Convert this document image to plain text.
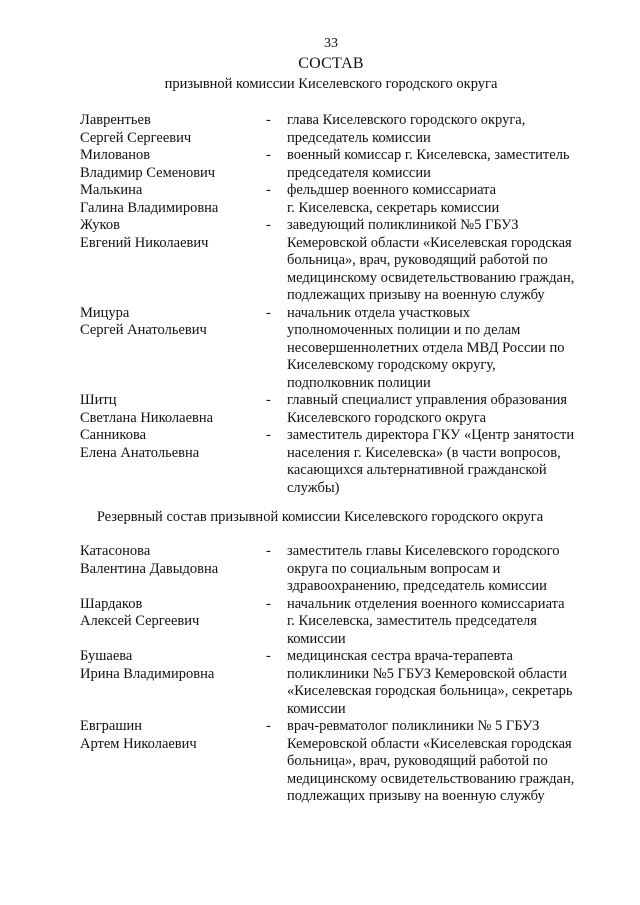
33
СОСТАВ
призывной комиссии Киселевского городского округа
Лаврентьев
Сергей Сергеевич
-	глава Киселевского городского округа,
председатель комиссии
Милованов
Владимир Семенович
-	военный комиссар г. Киселевска, заместитель
председателя комиссии
Малькина
Галина Владимировна
-	фельдшер военного комиссариата
г. Киселевска, секретарь комиссии
Жуков
Евгений Николаевич
-	заведующий поликлиникой №5 ГБУЗ
Кемеровской области «Киселевская городская
больница», врач, руководящий работой по
медицинскому освидетельствованию граждан,
подлежащих призыву на военную службу
Мицура
Сергей Анатольевич
-	начальник отдела участковых
уполномоченных полиции и по делам
несовершеннолетних отдела МВД России по
Киселевскому городскому округу,
подполковник полиции
Шитц
Светлана Николаевна
-	главный специалист управления образования
Киселевского городского округа
Санникова
Елена Анатольевна
-	заместитель директора ГКУ «Центр занятости
населения г. Киселевска» (в части вопросов,
касающихся альтернативной гражданской
службы)
Резервный состав призывной комиссии Киселевского городского округа
Катасонова
Валентина Давыдовна
-	заместитель главы Киселевского городского
округа по социальным вопросам и
здравоохранению, председатель комиссии
Шардаков
Алексей Сергеевич
-	начальник отделения военного комиссариата
г. Киселевска, заместитель председателя
комиссии
Бушаева
Ирина Владимировна
-	медицинская сестра врача-терапевта
поликлиники №5 ГБУЗ Кемеровской области
«Киселевская городская больница», секретарь
комиссии
Евграшин
Артем Николаевич
-	врач-ревматолог поликлиники № 5 ГБУЗ
Кемеровской области «Киселевская городская
больница», врач, руководящий работой по
медицинскому освидетельствованию граждан,
подлежащих призыву на военную службу
